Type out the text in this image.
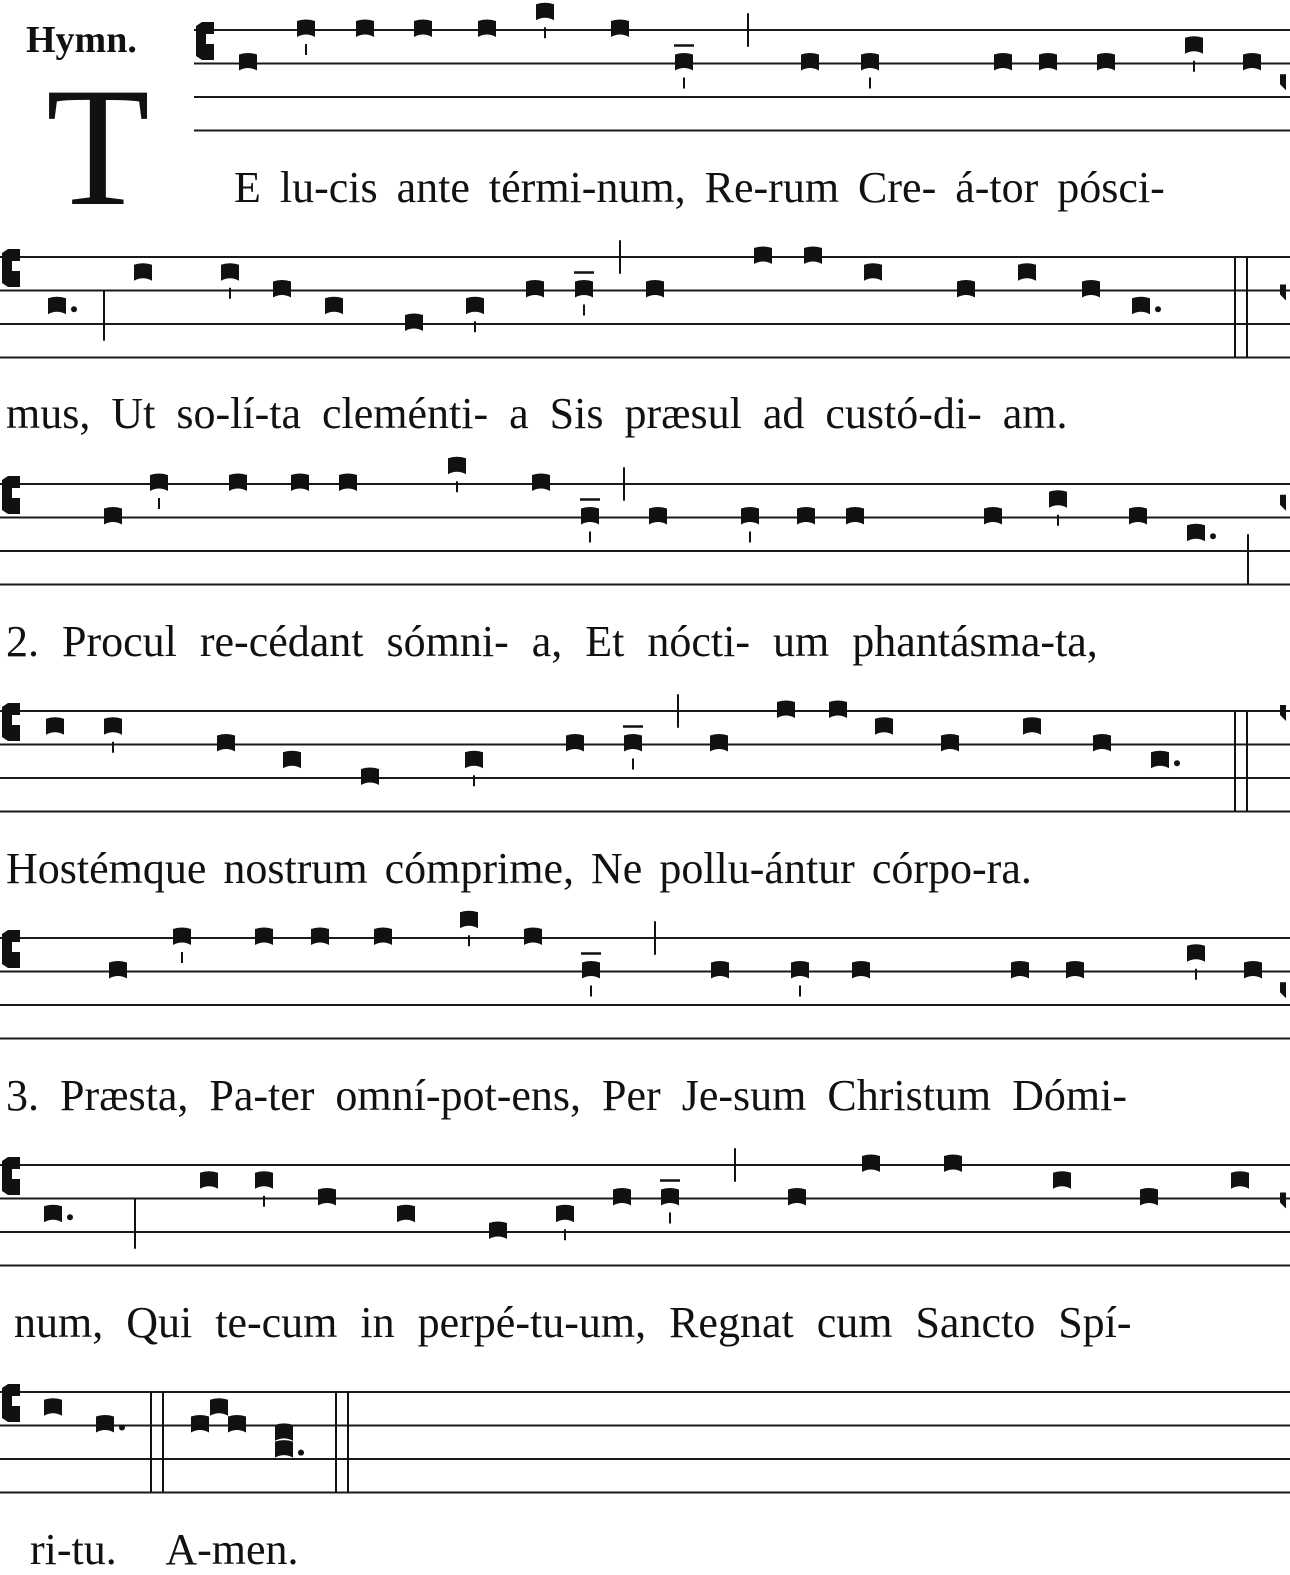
Hymn.
T E lu-cis ante térmi-num, Re-rum Cre- á-tor pósci-
mus, Ut so-lí-ta cleménti- a Sis præsul ad custó-di- am.
2. Procul re-cédant sómni- a, Et nócti- um phantásma-ta,
Hostémque nostrum cómprime, Ne pollu-ántur córpo-ra.
3. Præsta, Pa-ter omní-pot-ens, Per Je-sum Christum Dómi-
num, Qui te-cum in perpé-tu-um, Regnat cum Sancto Spí-
ri-tu. A-men.
